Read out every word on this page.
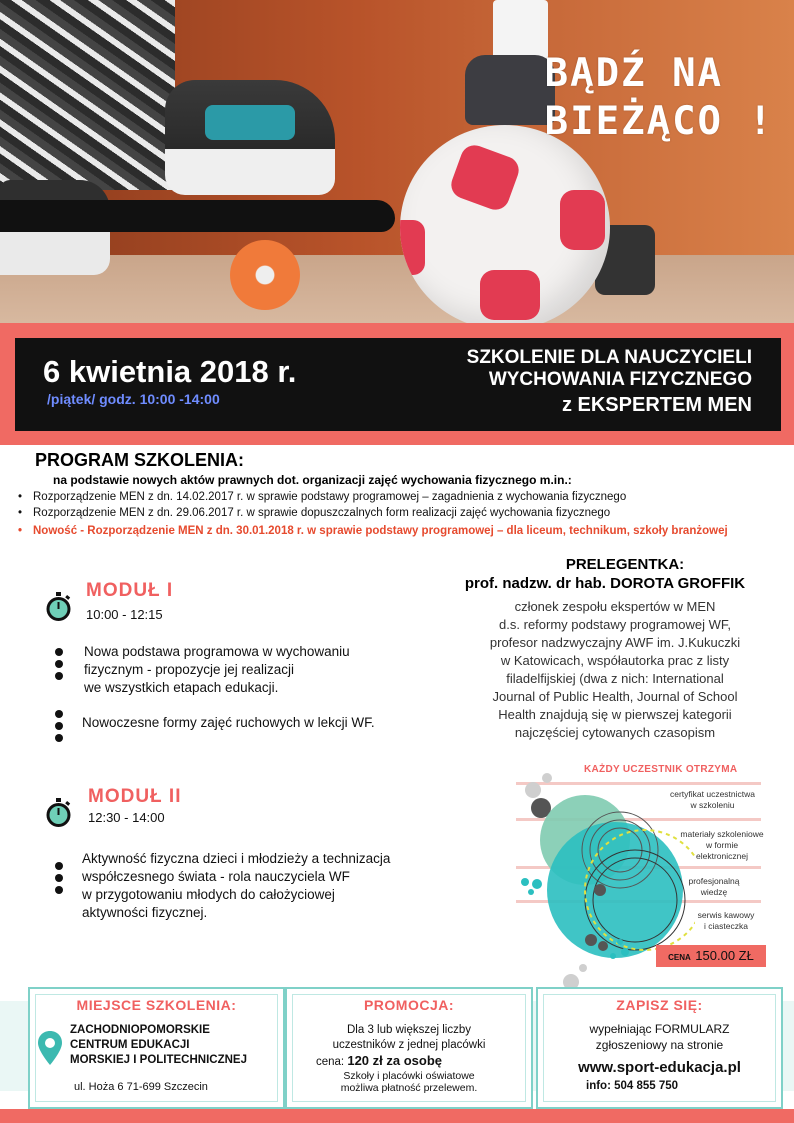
BĄDŹ NA
BIEŻĄCO !
6 kwietnia 2018 r.
/piątek/ godz. 10:00 -14:00
SZKOLENIE DLA NAUCZYCIELI
WYCHOWANIA FIZYCZNEGO
z EKSPERTEM MEN
PROGRAM SZKOLENIA:
na podstawie nowych aktów prawnych dot. organizacji zajęć wychowania fizycznego m.in.:
• Rozporządzenie MEN z dn. 14.02.2017 r. w sprawie podstawy programowej – zagadnienia z wychowania fizycznego
• Rozporządzenie MEN z dn. 29.06.2017 r. w sprawie dopuszczalnych form realizacji zajęć wychowania fizycznego
• Nowość - Rozporządzenie MEN z dn. 30.01.2018 r. w sprawie podstawy programowej – dla liceum, technikum, szkoły branżowej
MODUŁ I
10:00 - 12:15
Nowa podstawa programowa w wychowaniu
fizycznym - propozycje jej realizacji
we wszystkich etapach edukacji.
Nowoczesne formy zajęć ruchowych w lekcji WF.
MODUŁ II
12:30 - 14:00
Aktywność fizyczna dzieci i młodzieży a technizacja
współczesnego świata - rola nauczyciela WF
w przygotowaniu młodych do całożyciowej
aktywności fizycznej.
PRELEGENTKA:
prof. nadzw. dr hab. DOROTA GROFFIK
członek zespołu ekspertów w MEN
d.s. reformy podstawy programowej WF,
profesor nadzwyczajny AWF im. J.Kukuczki
w Katowicach, współautorka prac z listy
filadelfijskiej (dwa z nich: International
Journal of Public Health, Journal of School
Health znajdują się w pierwszej kategorii
najczęściej cytowanych czasopism
KAŻDY UCZESTNIK OTRZYMA
certyfikat uczestnictwa
w szkoleniu
materiały szkoleniowe
w formie
elektronicznej
profesjonalną
wiedzę
serwis kawowy
i ciasteczka
CENA 150.00 ZŁ
MIEJSCE SZKOLENIA:
ZACHODNIOPOMORSKIE
CENTRUM EDUKACJI
MORSKIEJ I POLITECHNICZNEJ
ul. Hoża 6 71-699 Szczecin
PROMOCJA:
Dla 3 lub większej liczby
uczestników z jednej placówki
cena: 120 zł za osobę
Szkoły i placówki oświatowe
możliwa płatność przelewem.
ZAPISZ SIĘ:
wypełniając FORMULARZ
zgłoszeniowy na stronie
www.sport-edukacja.pl
info: 504 855 750
